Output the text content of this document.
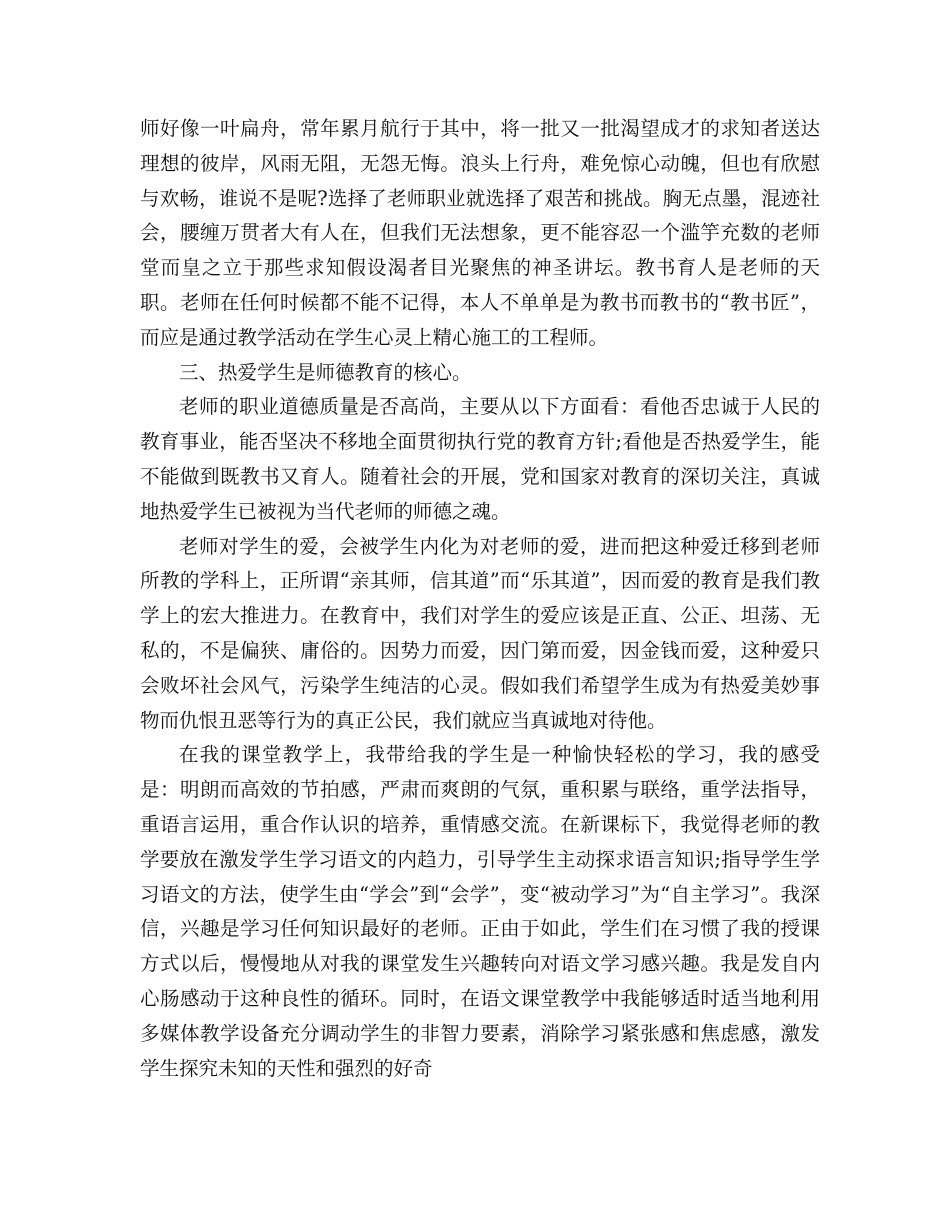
师好像一叶扁舟，常年累月航行于其中，将一批又一批渴望成才的求知者送达理想的彼岸，风雨无阻，无怨无悔。浪头上行舟，难免惊心动魄，但也有欣慰与欢畅，谁说不是呢?选择了老师职业就选择了艰苦和挑战。胸无点墨，混迹社会，腰缠万贯者大有人在，但我们无法想象，更不能容忍一个滥竽充数的老师堂而皇之立于那些求知假设渴者目光聚焦的神圣讲坛。教书育人是老师的天职。老师在任何时候都不能不记得，本人不单单是为教书而教书的“教书匠”，而应是通过教学活动在学生心灵上精心施工的工程师。

三、热爱学生是师德教育的核心。

老师的职业道德质量是否高尚，主要从以下方面看：看他否忠诚于人民的教育事业，能否坚决不移地全面贯彻执行党的教育方针;看他是否热爱学生，能不能做到既教书又育人。随着社会的开展，党和国家对教育的深切关注，真诚地热爱学生已被视为当代老师的师德之魂。

老师对学生的爱，会被学生内化为对老师的爱，进而把这种爱迁移到老师所教的学科上，正所谓“亲其师，信其道”而“乐其道”，因而爱的教育是我们教学上的宏大推进力。在教育中，我们对学生的爱应该是正直、公正、坦荡、无私的，不是偏狭、庸俗的。因势力而爱，因门第而爱，因金钱而爱，这种爱只会败坏社会风气，污染学生纯洁的心灵。假如我们希望学生成为有热爱美妙事物而仇恨丑恶等行为的真正公民，我们就应当真诚地对待他。

在我的课堂教学上，我带给我的学生是一种愉快轻松的学习，我的感受是：明朗而高效的节拍感，严肃而爽朗的气氛，重积累与联络，重学法指导，重语言运用，重合作认识的培养，重情感交流。在新课标下，我觉得老师的教学要放在激发学生学习语文的内趋力，引导学生主动探求语言知识;指导学生学习语文的方法，使学生由“学会”到“会学”，变“被动学习”为“自主学习”。我深信，兴趣是学习任何知识最好的老师。正由于如此，学生们在习惯了我的授课方式以后，慢慢地从对我的课堂发生兴趣转向对语文学习感兴趣。我是发自内心肠感动于这种良性的循环。同时，在语文课堂教学中我能够适时适当地利用多媒体教学设备充分调动学生的非智力要素，消除学习紧张感和焦虑感，激发学生探究未知的天性和强烈的好奇
